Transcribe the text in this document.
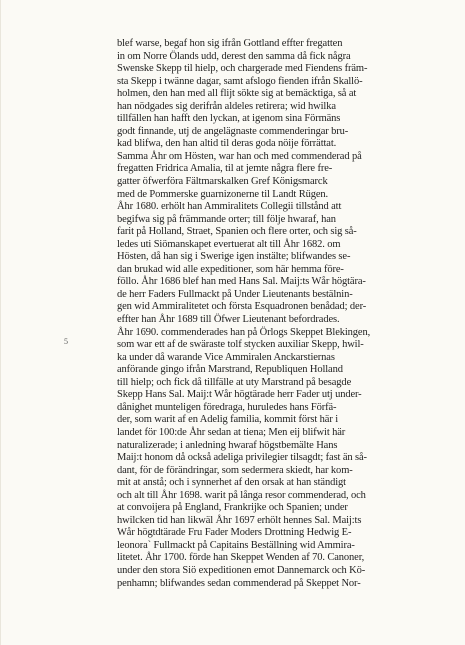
5
blef warse, begaf hon sig ifrån Gottland effter fregatten
in om Norre Ölands udd, derest den samma då fick några
Swenske Skepp til hielp, och chargerade med Fiendens främ-
sta Skepp i twänne dagar, samt afslogo fienden ifrån Skallö-
holmen, den han med all flijt sökte sig at bemäcktiga, så at
han nödgades sig derifrån aldeles retirera; wid hwilka
tillfällen han hafft den lyckan, at igenom sina Förmäns
godt finnande, utj de angelägnaste commenderingar bru-
kad blifwa, den han altid til deras goda nöije förrättat.
Samma Åhr om Hösten, war han och med commenderad på
fregatten Fridrica Amalia, til at jemte några flere fre-
gatter öfwerföra Fältmarskalken Gref Königsmarck
med de Pommerske guarnizonerne til Landt Rügen.
Åhr 1680. erhölt han Ammiralitets Collegii tillstånd att
begifwa sig på främmande orter; till följe hwaraf, han
farit på Holland, Straet, Spanien och flere orter, och sig så-
ledes uti Siömanskapet evertuerat alt till Åhr 1682. om
Hösten, då han sig i Swerige igen instälte; blifwandes se-
dan brukad wid alle expeditioner, som här hemma före-
föllo. Åhr 1686 blef han med Hans Sal. Maij:ts Wår högtära-
de herr Faders Fullmackt på Under Lieutenants bestälnin-
gen wid Ammiralitetet och första Esquadronen benådad; der-
effter han Åhr 1689 till Öfwer Lieutenant befordrades.
Åhr 1690. commenderades han på Örlogs Skeppet Blekingen,
som war ett af de swäraste tolf stycken auxiliar Skepp, hwil-
ka under då warande Vice Ammiralen Anckarstiernas
anförande gingo ifrån Marstrand, Republiquen Holland
till hielp; och fick då tillfälle at uty Marstrand på besagde
Skepp Hans Sal. Maij:t Wår högtärade herr Fader utj under-
dånighet munteligen föredraga, huruledes hans Förfä-
der, som warit af en Adelig familia, kommit först här i
landet för 100:de Åhr sedan at tiena; Men eij blifwit här
naturalizerade; i anledning hwaraf högstbemälte Hans
Maij:t honom då också adeliga privilegier tilsagdt; fast än så-
dant, för de förändringar, som sedermera skiedt, har kom-
mit at anstå; och i synnerhet af den orsak at han ständigt
och alt till Åhr 1698. warit på långa resor commenderad, och
at convoijera på England, Frankrijke och Spanien; under
hwilcken tid han likwäl Åhr 1697 erhölt hennes Sal. Maij:ts
Wår högtdtärade Fru Fader Moders Drottning Hedwig E-
leonora` Fullmackt på Capitains Beställning wid Ammira-
litetet. Åhr 1700. förde han Skeppet Wenden af 70. Canoner,
under den stora Siö expeditionen emot Dannemarck och Kö-
penhamn; blifwandes sedan commenderad på Skeppet Nor-
